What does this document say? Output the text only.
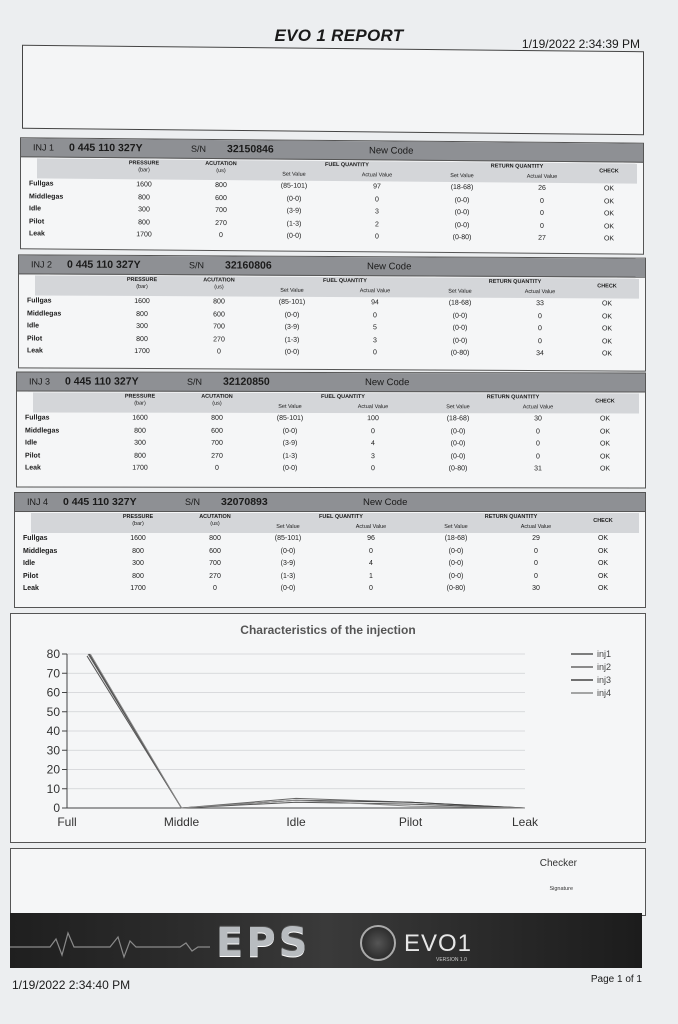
EVO 1 REPORT	1/19/2022 2:34:39 PM
INJ 1 0 445 110 327Y	S/N 32150846	New Code
PRESSURE
(bar)
ACUTATION
(us)
FUEL QUANTITY
Set Value	Actual Value
RETURN QUANTITY
Set Value	Actual Value
CHECK
Fullgas	1600	800	(85-101)	97	(18-68)	26	OK
Middlegas	800	600	(0-0)	0	(0-0)	0	OK
Idle	300	700	(3-9)	3	(0-0)	0	OK
Pilot	800	270	(1-3)	2	(0-0)	0	OK
Leak	1700	0	(0-0)	0	(0-80)	27	OK
INJ 2 0 445 110 327Y	S/N 32160806	New Code
PRESSURE
(bar)
ACUTATION
(us)
FUEL QUANTITY
Set Value	Actual Value
RETURN QUANTITY
Set Value	Actual Value
CHECK
Fullgas	1600	800	(85-101)	94	(18-68)	33	OK
Middlegas	800	600	(0-0)	0	(0-0)	0	OK
Idle	300	700	(3-9)	5	(0-0)	0	OK
Pilot	800	270	(1-3)	3	(0-0)	0	OK
Leak	1700	0	(0-0)	0	(0-80)	34	OK
INJ 3 0 445 110 327Y	S/N 32120850	New Code
PRESSURE
(bar)
ACUTATION
(us)
FUEL QUANTITY
Set Value	Actual Value
RETURN QUANTITY
Set Value	Actual Value
CHECK
Fullgas	1600	800	(85-101)	100	(18-68)	30	OK
Middlegas	800	600	(0-0)	0	(0-0)	0	OK
Idle	300	700	(3-9)	4	(0-0)	0	OK
Pilot	800	270	(1-3)	3	(0-0)	0	OK
Leak	1700	0	(0-0)	0	(0-80)	31	OK
INJ 4 0 445 110 327Y	S/N 32070893	New Code
PRESSURE
(bar)
ACUTATION
(us)
FUEL QUANTITY
Set Value	Actual Value
RETURN QUANTITY
Set Value	Actual Value
CHECK
Fullgas	1600	800	(85-101)	96	(18-68)	29	OK
Middlegas	800	600	(0-0)	0	(0-0)	0	OK
Idle	300	700	(3-9)	4	(0-0)	0	OK
Pilot	800	270	(1-3)	1	(0-0)	0	OK
Leak	1700	0	(0-0)	0	(0-80)	30	OK
Characteristics of the injection
0
10
20
30
40
50
60
70
80
Full	Middle	Idle	Pilot	Leak
inj1
inj2
inj3
inj4
Checker
Signature
EPS	EVO1
VERSION 1.0
1/19/2022 2:34:40 PM	Page 1 of 1
